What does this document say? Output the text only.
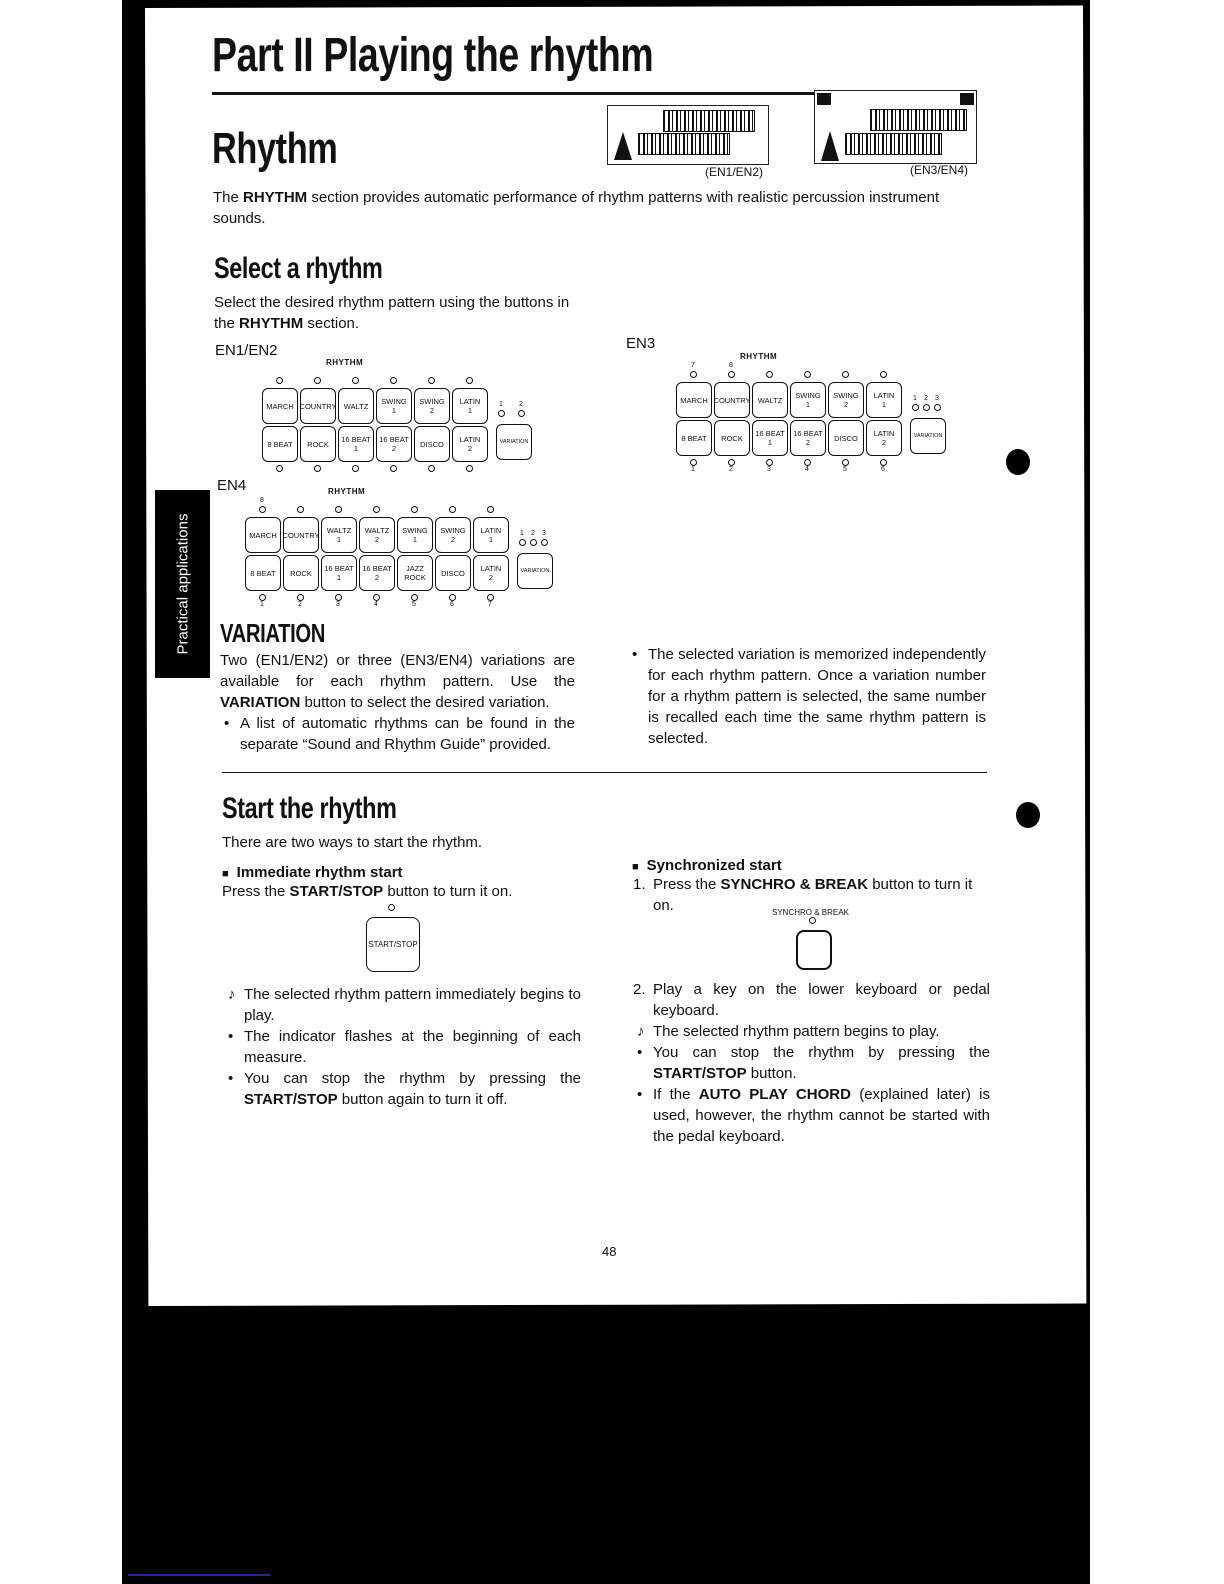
Part II Playing the rhythm
Rhythm	(EN1/EN2)	(EN3/EN4)
The RHYTHM section provides automatic performance of rhythm patterns with realistic percussion instrument sounds.
Select a rhythm
Select the desired rhythm pattern using the buttons in the RHYTHM section.
EN1/EN2	EN3
EN4
RHYTHM
MARCH COUNTRY WALTZ	SWING
1
SWING
2
LATIN
1
8 BEAT	ROCK	16 BEAT
1
16 BEAT
2	DISCO	LATIN
2
VARIATION
1	2
RHYTHM
MARCH COUNTRY WALTZ	SWING
1
SWING
2
LATIN
1
8 BEAT	ROCK	16 BEAT
1
16 BEAT
2	DISCO	LATIN
2
7	8
1	2	3	4	5	6
VARIATION
1	2	3
RHYTHM
MARCH COUNTRY WALTZ
1
WALTZ
2
SWING
1
SWING
2
LATIN
1
8 BEAT	ROCK	16 BEAT
1
16 BEAT
2
JAZZ
ROCK	DISCO	LATIN
2
8
1	2	3	4	5	6	7
VARIATION
1	2	3
VARIATION
Two (EN1/EN2) or three (EN3/EN4) variations are available for each rhythm pattern. Use the VARIATION button to select the desired variation.
• A list of automatic rhythms can be found in the separate “Sound and Rhythm Guide” provided.
• The selected variation is memorized independently for each rhythm pattern. Once a variation number for a rhythm pattern is selected, the same number is recalled each time the same rhythm pattern is selected.
Start the rhythm
There are two ways to start the rhythm.
■ Immediate rhythm start
Press the START/STOP button to turn it on.
START/STOP
♪ The selected rhythm pattern immediately begins to play.
• The indicator flashes at the beginning of each measure.
• You can stop the rhythm by pressing the START/STOP button again to turn it off.
■ Synchronized start
1. Press the SYNCHRO & BREAK button to turn it on.	SYNCHRO & BREAK
2. Play a key on the lower keyboard or pedal keyboard.
♪ The selected rhythm pattern begins to play.
• You can stop the rhythm by pressing the START/STOP button.
• If the AUTO PLAY CHORD (explained later) is used, however, the rhythm cannot be started with the pedal keyboard.
Practical applications
48
